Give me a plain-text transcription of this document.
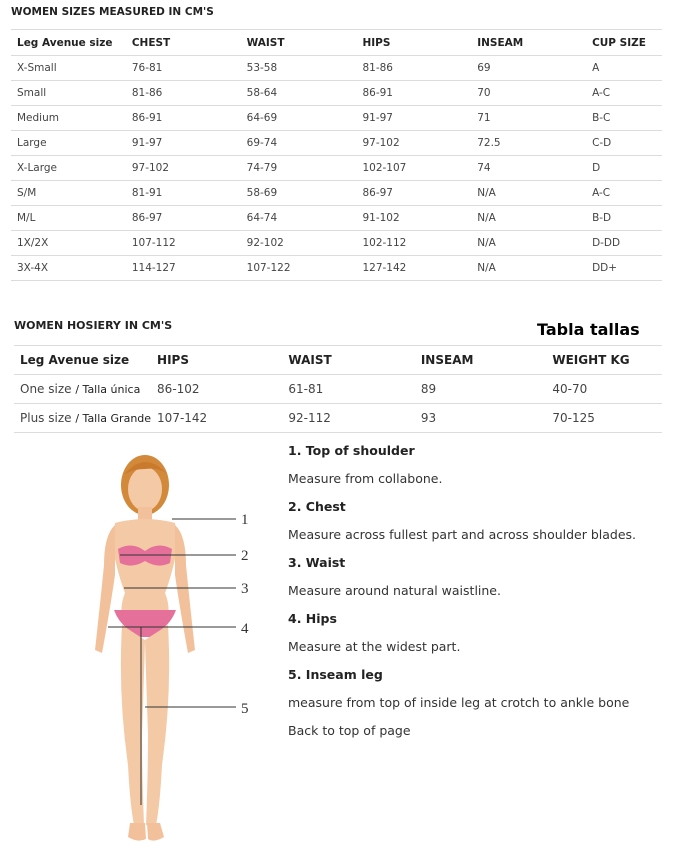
WOMEN SIZES MEASURED IN CM'S
Leg Avenue size	CHEST	WAIST	HIPS	INSEAM	CUP SIZE
X-Small	76-81	53-58	81-86	69	A
Small	81-86	58-64	86-91	70	A-C
Medium	86-91	64-69	91-97	71	B-C
Large	91-97	69-74	97-102	72.5	C-D
X-Large	97-102	74-79	102-107	74	D
S/M	81-91	58-69	86-97	N/A	A-C
M/L	86-97	64-74	91-102	N/A	B-D
1X/2X	107-112	92-102	102-112	N/A	D-DD
3X-4X	114-127	107-122	127-142	N/A	DD+
WOMEN HOSIERY IN CM'S	Tabla tallas
Leg Avenue size	HIPS	WAIST	INSEAM	WEIGHT KG
One size / Talla única	86-102	61-81	89	40-70
Plus size / Talla Grande	107-142	92-112	93	70-125
1
2
3
4
5
1. Top of shoulder
Measure from collabone.
2. Chest
Measure across fullest part and across shoulder blades.
3. Waist
Measure around natural waistline.
4. Hips
Measure at the widest part.
5. Inseam leg
measure from top of inside leg at crotch to ankle bone
Back to top of page
